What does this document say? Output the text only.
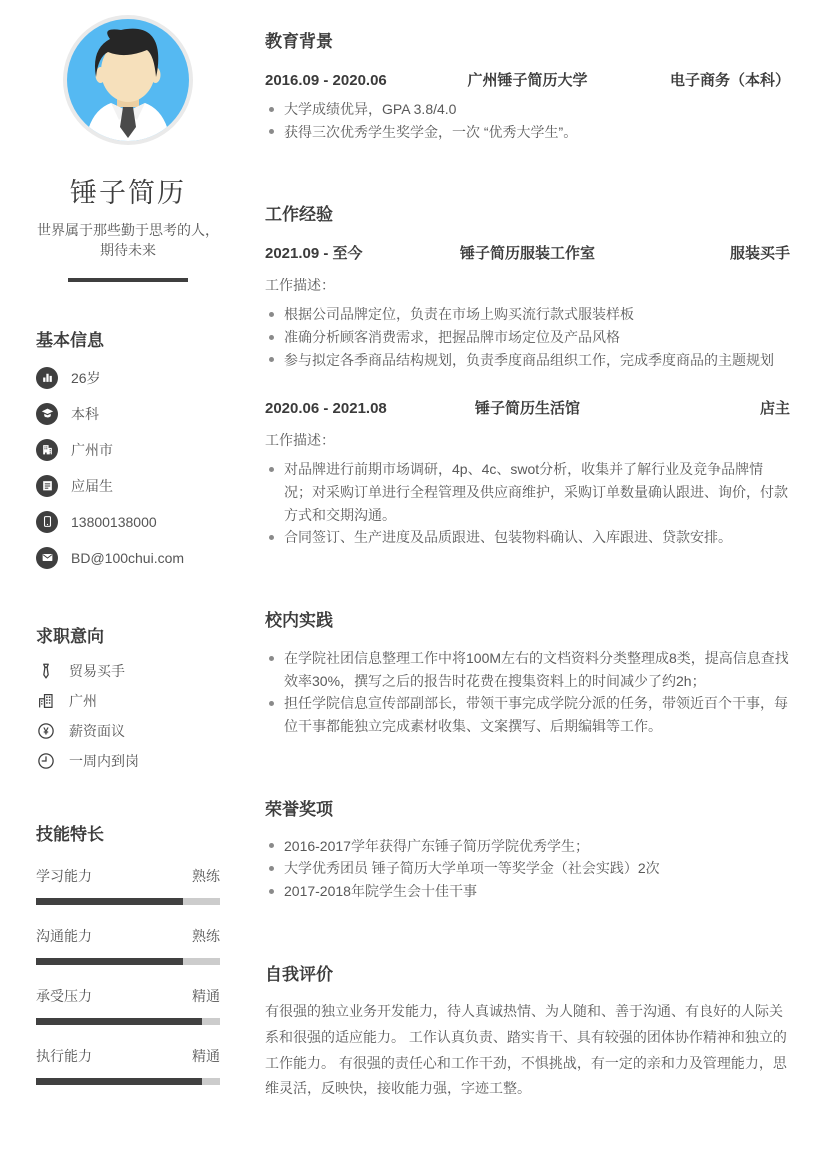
锤子简历
世界属于那些勤于思考的人，
期待未来
基本信息
26岁
本科
广州市
应届生
13800138000
BD@100chui.com
求职意向
贸易买手
广州
¥ 薪资面议
一周内到岗
技能特长
学习能力	熟练
沟通能力	熟练
承受压力	精通
执行能力	精通
教育背景
2016.09 - 2020.06	广州锤子简历大学	电子商务（本科）
大学成绩优异，GPA 3.8/4.0
获得三次优秀学生奖学金，一次 “优秀大学生”。
工作经验
2021.09 - 至今	锤子简历服装工作室	服装买手
工作描述：
根据公司品牌定位，负责在市场上购买流行款式服装样板
准确分析顾客消费需求，把握品牌市场定位及产品风格
参与拟定各季商品结构规划，负责季度商品组织工作，完成季度商品的主题规划
2020.06 - 2021.08	锤子简历生活馆	店主
工作描述：
对品牌进行前期市场调研，4p、4c、swot分析，收集并了解行业及竞争品牌情况；对采购订单进行全程管理及供应商维护，采购订单数量确认跟进、询价，付款方式和交期沟通。
合同签订、生产进度及品质跟进、包装物料确认、入库跟进、贷款安排。
校内实践
在学院社团信息整理工作中将100M左右的文档资料分类整理成8类，提高信息查找效率30%，撰写之后的报告时花费在搜集资料上的时间减少了约2h；
担任学院信息宣传部副部长，带领干事完成学院分派的任务，带领近百个干事，每位干事都能独立完成素材收集、文案撰写、后期编辑等工作。
荣誉奖项
2016-2017学年获得广东锤子简历学院优秀学生；
大学优秀团员 锤子简历大学单项一等奖学金（社会实践）2次
2017-2018年院学生会十佳干事
自我评价

有很强的独立业务开发能力，待人真诚热情、为人随和、善于沟通、有良好的人际关系和很强的适应能力。 工作认真负责、踏实肯干、具有较强的团体协作精神和独立的工作能力。 有很强的责任心和工作干劲，不惧挑战，有一定的亲和力及管理能力，思维灵活，反映快，接收能力强，字迹工整。
